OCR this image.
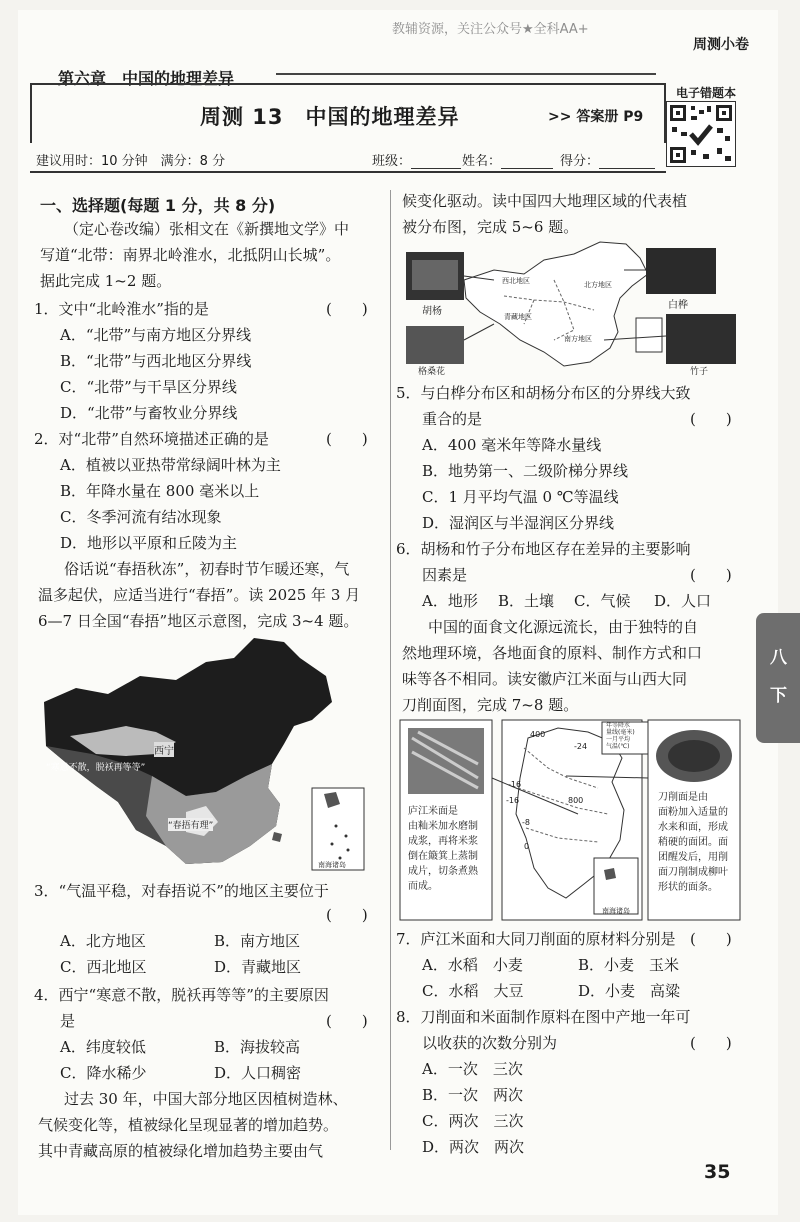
教辅资源，关注公众号★全科AA+
周测小卷
第六章　中国的地理差异
周测 13　中国的地理差异	>> 答案册 P9
建议用时：10 分钟　满分：8 分	班级：	姓名：	得分：
电子错题本
一、选择题(每题 1 分，共 8 分)
（定心卷改编）张相文在《新撰地文学》中
写道“北带：南界北岭淮水，北抵阴山长城”。
据此完成 1~2 题。
1．文中“北岭淮水”指的是
A．“北带”与南方地区分界线
B．“北带”与西北地区分界线
C．“北带”与干旱区分界线
D．“北带”与畜牧业分界线
(　　)
2．对“北带”自然环境描述正确的是
A．植被以亚热带常绿阔叶林为主
B．年降水量在 800 毫米以上
C．冬季河流有结冰现象
D．地形以平原和丘陵为主
(　　)
俗话说“春捂秋冻”，初春时节乍暖还寒，气
温多起伏，应适当进行“春捂”。读 2025 年 3 月
6—7 日全国“春捂”地区示意图，完成 3~4 题。
西宁
“寒意不散，脱袄再等等”
“春捂有理”
南海诸岛
3．“气温平稳，对春捂说不”的地区主要位于
(　　)
A．北方地区	B．南方地区
C．西北地区	D．青藏地区
4．西宁“寒意不散，脱袄再等等”的主要原因
是	(　　)
A．纬度较低	B．海拔较高
C．降水稀少	D．人口稠密
过去 30 年，中国大部分地区因植树造林、
气候变化等，植被绿化呈现显著的增加趋势。
其中青藏高原的植被绿化增加趋势主要由气
候变化驱动。读中国四大地理区域的代表植
被分布图，完成 5~6 题。
胡杨
白桦
格桑花	竹子
西北地区	北方地区
青藏地区
南方地区
5．与白桦分布区和胡杨分布区的分界线大致
重合的是
A．400 毫米年等降水量线
B．地势第一、二级阶梯分界线
C．1 月平均气温 0 ℃等温线
D．湿润区与半湿润区分界线
(　　)
6．胡杨和竹子分布地区存在差异的主要影响
因素是	(　　)
A．地形 B．土壤 C．气候 D．人口
中国的面食文化源远流长，由于独特的自
然地理环境，各地面食的原料、制作方式和口
味等各不相同。读安徽庐江米面与山西大同
刀削面图，完成 7~8 题。
庐江米面是
由籼米加水磨制
成浆，再将米浆
倒在簸箕上蒸制
成片，切条煮熟
而成。
刀削面是由
面粉加入适量的
水来和面，形成
稍硬的面团。面
团醒发后，用削
面刀削制成柳叶
形状的面条。
年等降水
量线(毫米)
一月平均
气温(℃)
400
-24
-16
-8
800
-16
0
南海诸岛
7．庐江米面和大同刀削面的原材料分别是 (　　)
A．水稻　小麦	B．小麦　玉米
C．水稻　大豆	D．小麦　高粱
8．刀削面和米面制作原料在图中产地一年可
以收获的次数分别为
A．一次　三次
B．一次　两次
C．两次　三次
D．两次　两次
(　　)
八
下
35
